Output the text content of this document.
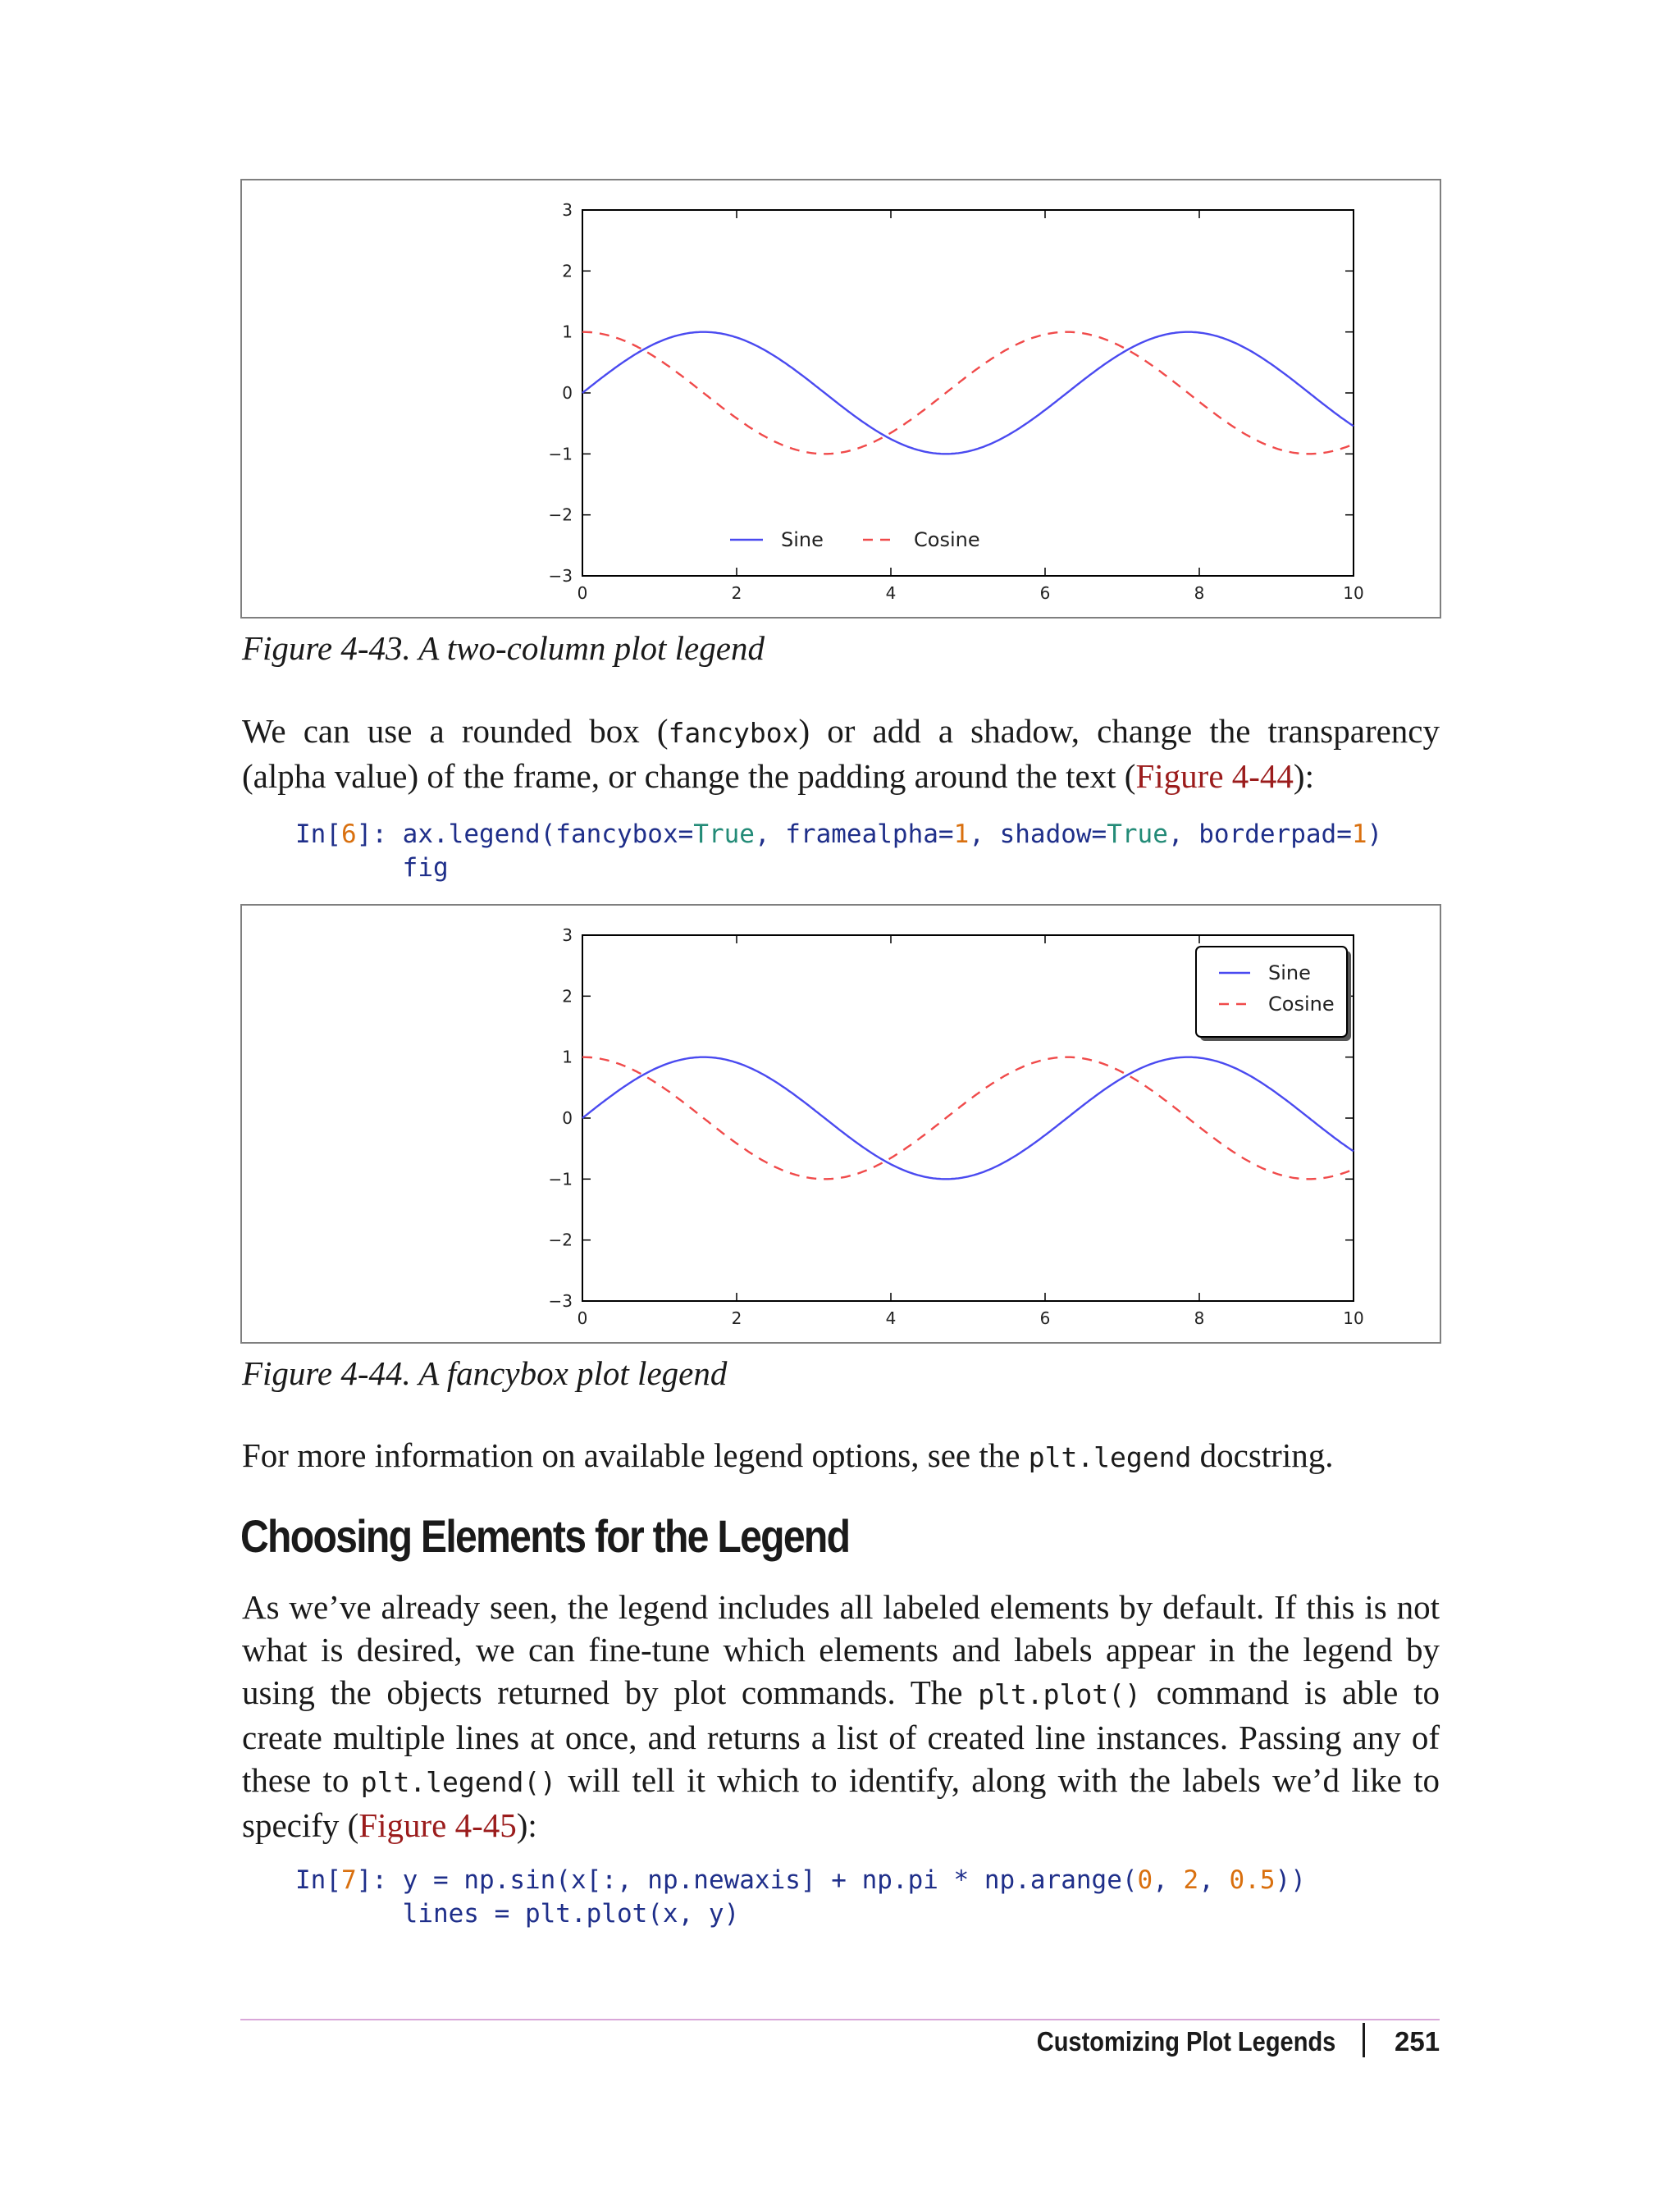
0	2	4	6	8	10
3
2
1
0
−1
−2
−3
Sine	Cosine
Figure 4-43. A two-column plot legend
We can use a rounded box (fancybox) or add a shadow, change the transparency
(alpha value) of the frame, or change the padding around the text (Figure 4-44):
In[6]: ax.legend(fancybox=True, framealpha=1, shadow=True, borderpad=1)
fig
0	2	4	6	8	10
3
2
1
0
−1
−2
−3
Sine
Cosine
Figure 4-44. A fancybox plot legend
For more information on available legend options, see the plt.legend docstring.
Choosing Elements for the Legend
As we’ve already seen, the legend includes all labeled elements by default. If this is not
what is desired, we can fine-tune which elements and labels appear in the legend by
using the objects returned by plot commands. The plt.plot() command is able to
create multiple lines at once, and returns a list of created line instances. Passing any of
these to plt.legend() will tell it which to identify, along with the labels we’d like to
specify (Figure 4-45):
In[7]: y = np.sin(x[:, np.newaxis] + np.pi * np.arange(0, 2, 0.5))
lines = plt.plot(x, y)
Customizing Plot Legends 251
